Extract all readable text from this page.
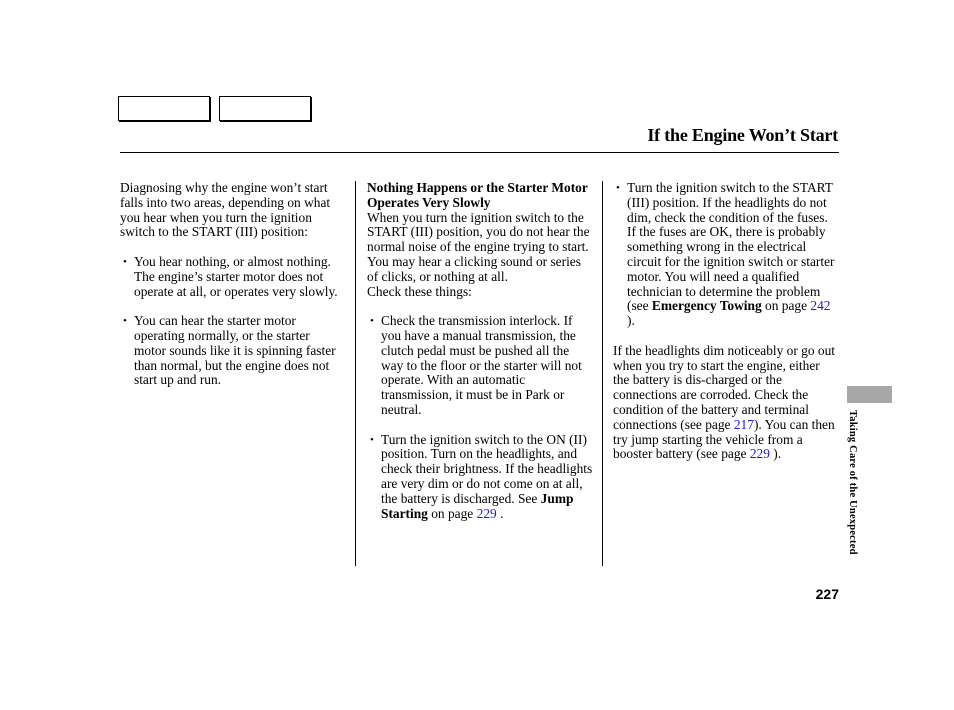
If the Engine Won’t Start

Diagnosing why the engine won’t start falls into two areas, depending on what you hear when you turn the ignition switch to the START (III) position:

• You hear nothing, or almost nothing. The engine’s starter motor does not operate at all, or operates very slowly.
• You can hear the starter motor operating normally, or the starter motor sounds like it is spinning faster than normal, but the engine does not start up and run.

Nothing Happens or the Starter Motor Operates Very Slowly

When you turn the ignition switch to the START (III) position, you do not hear the normal noise of the engine trying to start. You may hear a clicking sound or series of clicks, or nothing at all.

Check these things:

• Check the transmission interlock. If you have a manual transmission, the clutch pedal must be pushed all the way to the floor or the starter will not operate. With an automatic transmission, it must be in Park or neutral.
• Turn the ignition switch to the ON (II) position. Turn on the headlights, and check their brightness. If the headlights are very dim or do not come on at all, the battery is discharged. See Jump Starting on page 229 .
• Turn the ignition switch to the START (III) position. If the headlights do not dim, check the condition of the fuses. If the fuses are OK, there is probably something wrong in the electrical circuit for the ignition switch or starter motor. You will need a qualified technician to determine the problem (see Emergency Towing on page 242 ).

If the headlights dim noticeably or go out when you try to start the engine, either the battery is dis-charged or the connections are corroded. Check the condition of the battery and terminal connections (see page 217). You can then try jump starting the vehicle from a booster battery (see page 229 ).	Taking Care of the Unexpected
227
